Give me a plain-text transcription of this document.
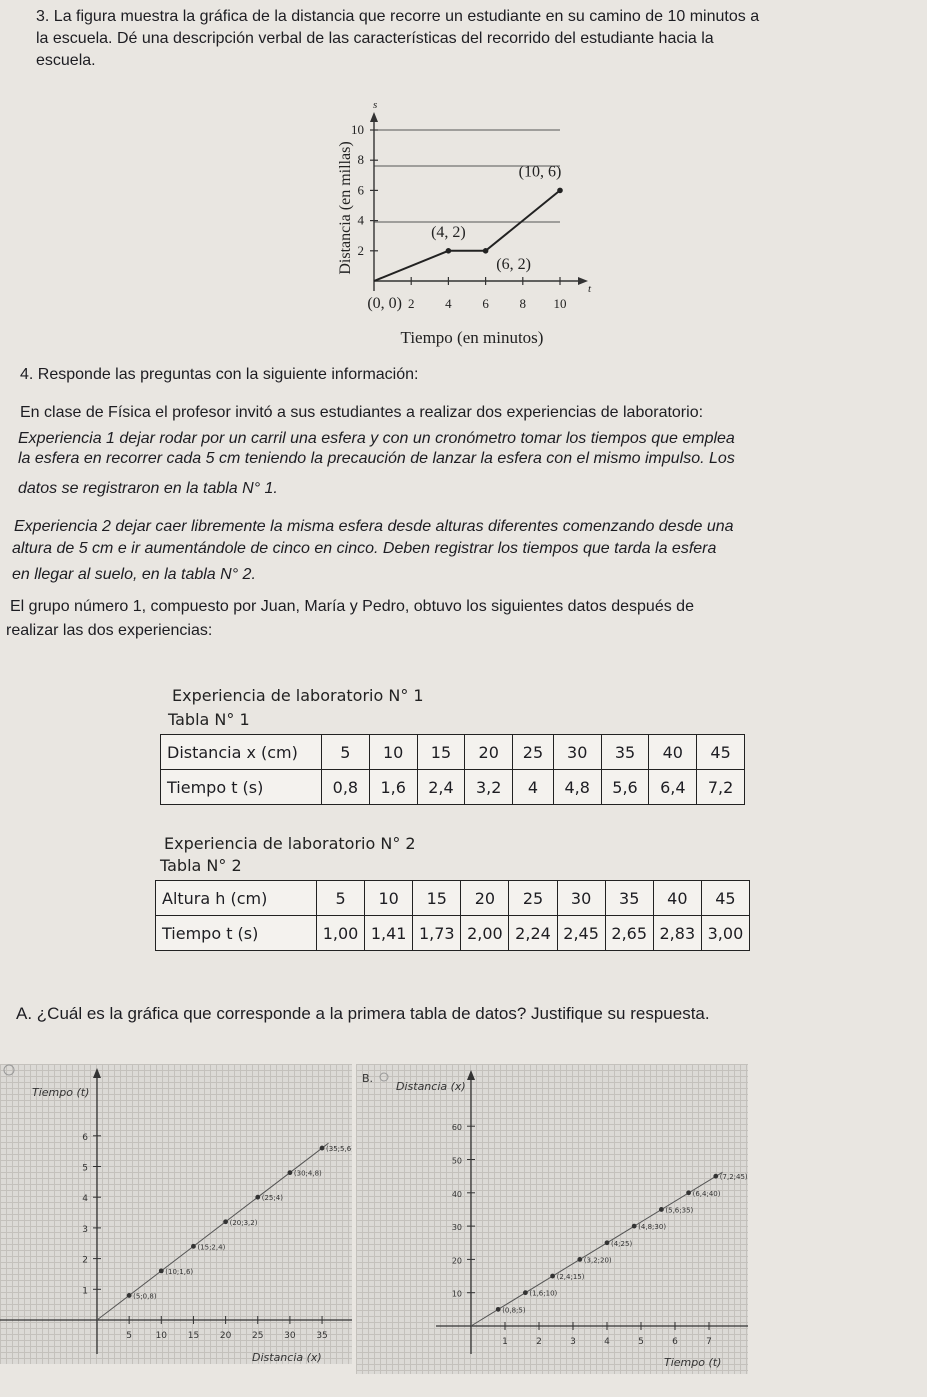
3. La figura muestra la gráfica de la distancia que recorre un estudiante en su camino de 10 minutos a
la escuela. Dé una descripción verbal de las características del recorrido del estudiante hacia la
escuela.
2
4
6
8
10
2 4 6 8 10
(0, 0)
(4, 2)
(6, 2)
(10, 6)
s
t
Distancia (en millas)
Tiempo (en minutos)
4. Responde las preguntas con la siguiente información:
En clase de Física el profesor invitó a sus estudiantes a realizar dos experiencias de laboratorio:
Experiencia 1 dejar rodar por un carril una esfera y con un cronómetro tomar los tiempos que emplea
la esfera en recorrer cada 5 cm teniendo la precaución de lanzar la esfera con el mismo impulso. Los
datos se registraron en la tabla N° 1.
Experiencia 2 dejar caer libremente la misma esfera desde alturas diferentes comenzando desde una
altura de 5 cm e ir aumentándole de cinco en cinco. Deben registrar los tiempos que tarda la esfera
en llegar al suelo, en la tabla N° 2.
El grupo número 1, compuesto por Juan, María y Pedro, obtuvo los siguientes datos después de
realizar las dos experiencias:
Experiencia de laboratorio N° 1
Tabla N° 1
Distancia x (cm)	5	10	15	20	25	30	35	40	45
Tiempo t (s)	0,8	1,6	2,4	3,2	4	4,8	5,6	6,4	7,2
Experiencia de laboratorio N° 2
Tabla N° 2
Altura h (cm)	5	10	15	20	25	30	35	40	45
Tiempo t (s)	1,00	1,41	1,73	2,00	2,24	2,45	2,65	2,83	3,00
A. ¿Cuál es la gráfica que corresponde a la primera tabla de datos? Justifique su respuesta.
1
2
3
4
5
6
5	10 15 20 25 30 35
(5;0,8)
(10;1,6)
(15;2,4)
(20;3,2)
(25;4)
(30;4,8)
(35;5,6)
Tiempo (t)
Distancia (x)
B.
10
20
30
40
50
60
1	2	3	4	5	6	7
(0,8;5)
(1,6;10)
(2,4;15)
(3,2;20)
(4;25)
(4,8;30)
(5,6;35)
(6,4;40)
(7,2;45)
Distancia (x)
Tiempo (t)
